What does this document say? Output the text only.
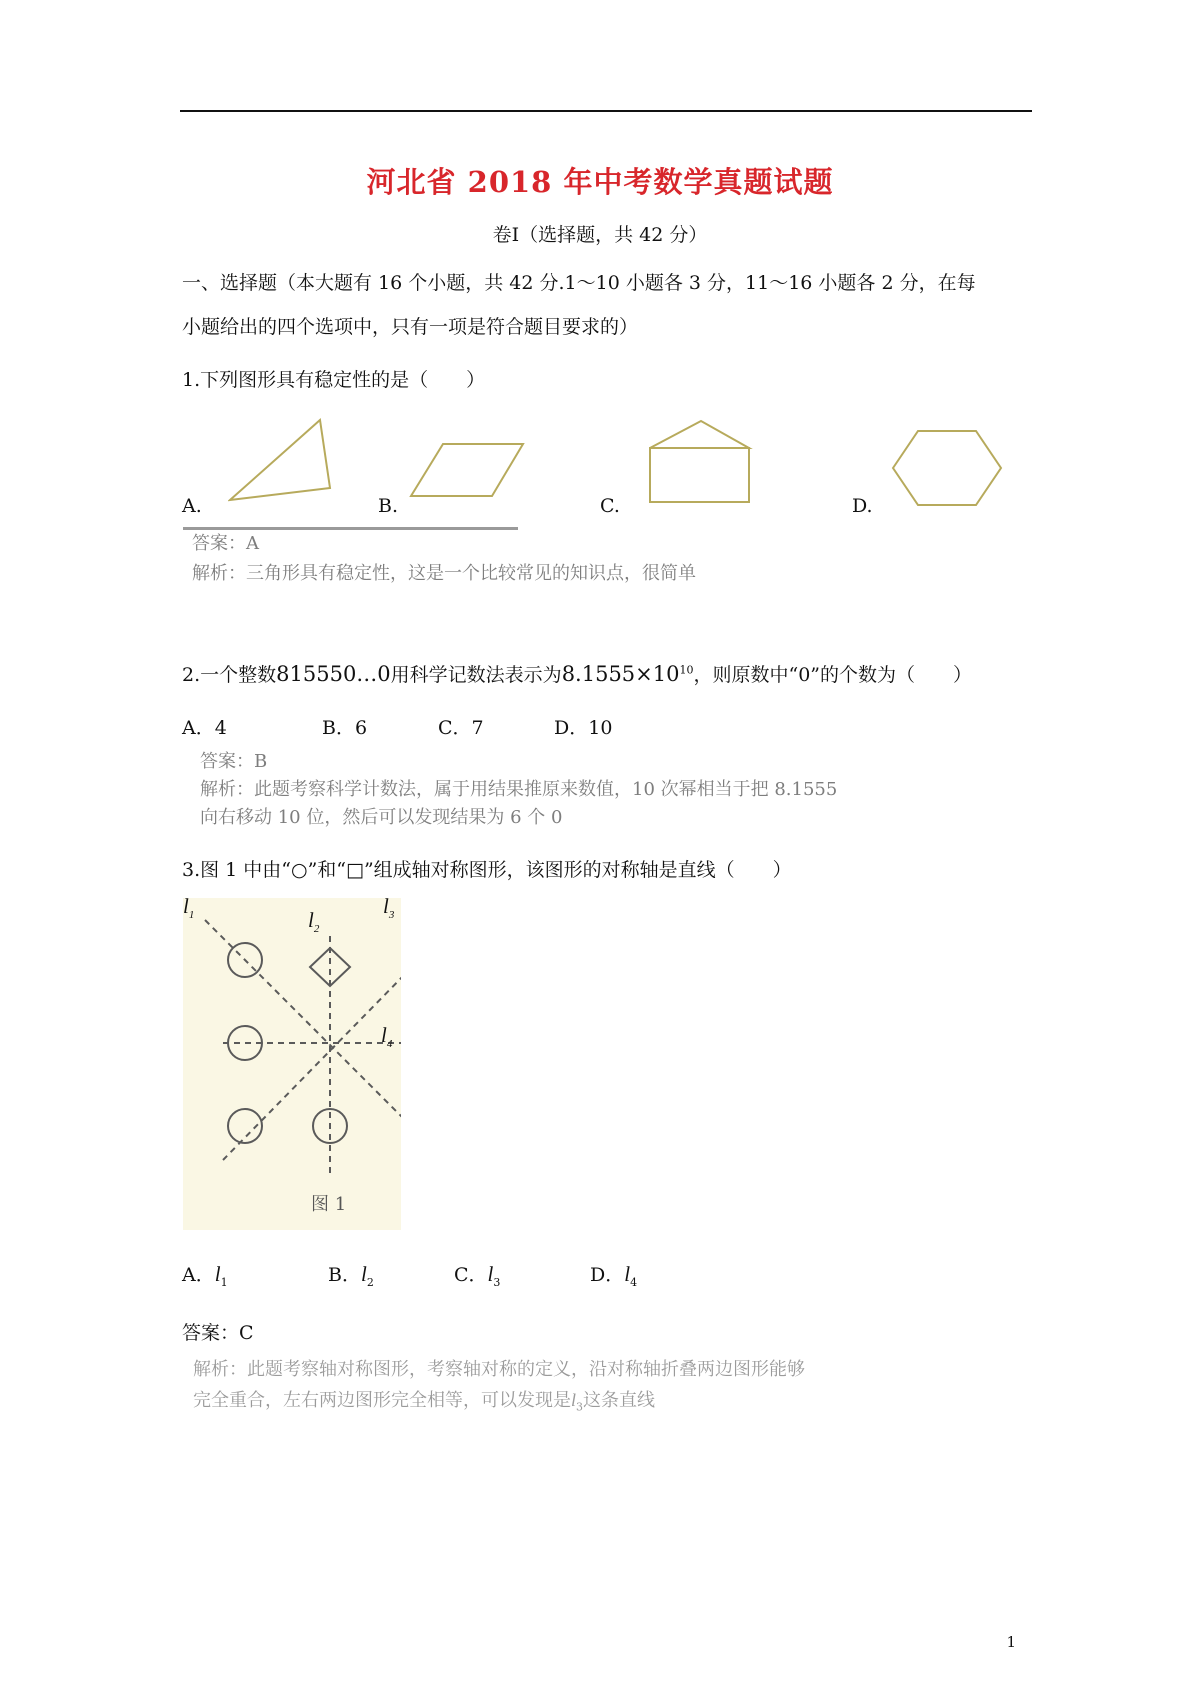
河北省 2018 年中考数学真题试题
卷Ⅰ（选择题，共 42 分）
一、选择题（本大题有 16 个小题，共 42 分.1～10 小题各 3 分，11～16 小题各 2 分，在每
小题给出的四个选项中，只有一项是符合题目要求的）
1.下列图形具有稳定性的是（　　）
A.	B.	C.	D.
答案：A
解析：三角形具有稳定性，这是一个比较常见的知识点，很简单
2.一个整数815550…0用科学记数法表示为$8.1555\times 10^{10}$，则原数中“0”的个数为（　　）
A．4	B．6	C．7	D．10
答案：B
解析：此题考察科学计数法，属于用结果推原来数值，10 次幂相当于把 8.1555
向右移动 10 位，然后可以发现结果为 6 个 0
3.图 1 中由“○”和“□”组成轴对称图形，该图形的对称轴是直线（　　）
$l_1$	$l_2$
$l_3$
$l_4$
图 1
A．$l_1$	B．$l_2$	C．$l_3$	D．$l_4$
答案：C
解析：此题考察轴对称图形，考察轴对称的定义，沿对称轴折叠两边图形能够
完全重合，左右两边图形完全相等，可以发现是$l_3$这条直线
1
